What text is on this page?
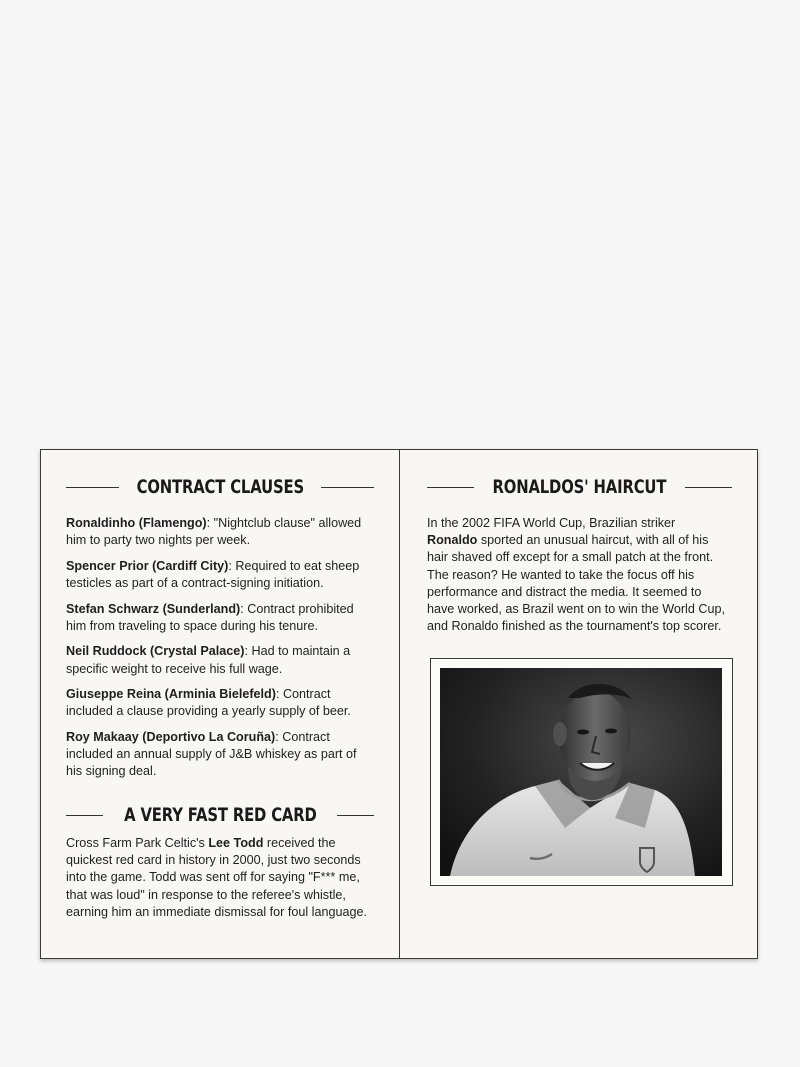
CONTRACT CLAUSES

Ronaldinho (Flamengo): "Nightclub clause" allowed him to party two nights per week.

Spencer Prior (Cardiff City): Required to eat sheep testicles as part of a contract-signing initiation.

Stefan Schwarz (Sunderland): Contract prohibited him from traveling to space during his tenure.

Neil Ruddock (Crystal Palace): Had to maintain a specific weight to receive his full wage.

Giuseppe Reina (Arminia Bielefeld): Contract included a clause providing a yearly supply of beer.

Roy Makaay (Deportivo La Coruña): Contract included an annual supply of J&B whiskey as part of his signing deal.

A VERY FAST RED CARD

Cross Farm Park Celtic's Lee Todd received the quickest red card in history in 2000, just two seconds into the game. Todd was sent off for saying "F*** me, that was loud" in response to the referee's whistle, earning him an immediate dismissal for foul language.

RONALDOS' HAIRCUT

In the 2002 FIFA World Cup, Brazilian striker Ronaldo sported an unusual haircut, with all of his hair shaved off except for a small patch at the front. The reason? He wanted to take the focus off his performance and distract the media. It seemed to have worked, as Brazil went on to win the World Cup, and Ronaldo finished as the tournament's top scorer.
